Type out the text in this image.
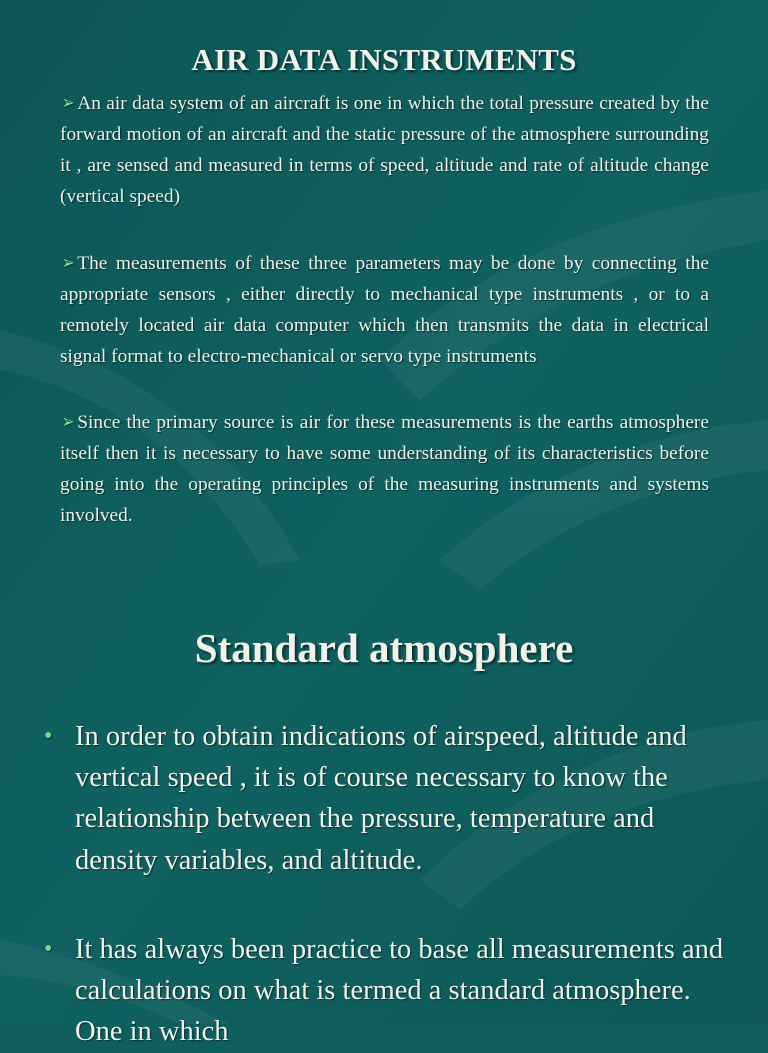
AIR DATA INSTRUMENTS
➢ An air data system of an aircraft is one in which the total pressure created by the forward motion of an aircraft and the static pressure of the atmosphere surrounding it , are sensed and measured in terms of speed, altitude and rate of altitude change (vertical speed)
➢ The measurements of these three parameters may be done by connecting the appropriate sensors , either directly to mechanical type instruments , or to a remotely located air data computer which then transmits the data in electrical signal format to electro-mechanical or servo type instruments
➢ Since the primary source is air for these measurements is the earths atmosphere itself then it is necessary to have some understanding of its characteristics before going into the operating principles of the measuring instruments and systems involved.
Standard atmosphere
• In order to obtain indications of airspeed, altitude and vertical speed , it is of course necessary to know the relationship between the pressure, temperature and density variables, and altitude.
• It has always been practice to base all measurements and calculations on what is termed a standard atmosphere. One in which
